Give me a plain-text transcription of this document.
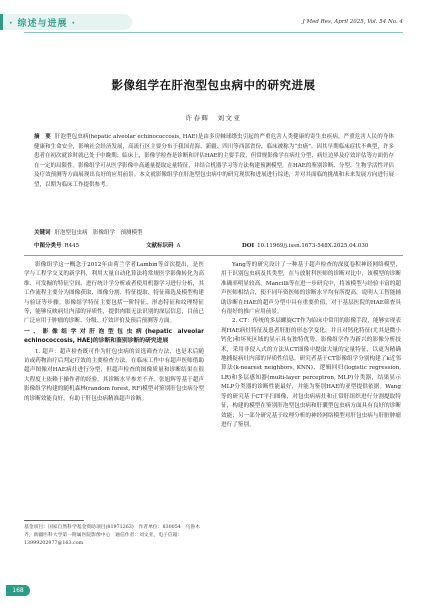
· 综述与进展 ·	J Med Res, April 2025, Vol. 54 No. 4
影像组学在肝泡型包虫病中的研究进展
许春辉　刘文亚
摘　要 肝泡型包虫病(hepatic alveolar echinococcosis, HAE)是由多房棘球绦虫引起的严重危害人类健康的寄生虫疾病，严重危害人民的身体健康和生命安全，影响社会经济发展，高流行区主要分布于我国青海、新疆、四川等西部省份，临床被称为“虫癌”。因其早期临床症状不典型，许多患者在初次就诊时就已处于中晚期；临床上，影像学检查是诊断和评估HAE的主要手段，但常规影像学在病灶分型、病灶边界及疗效评估等方面仍存在一定的局限性。影像组学可从医学影像中高通量提取定量特征，并结合机器学习等方法构建预测模型，在HAE的鉴别诊断、分型、生物学活性评估及疗效预测等方面展现出良好的应用前景。本文就影像组学在肝泡型包虫病中的研究现状和进展进行综述，并对其面临的挑战和未来发展方向进行展望，以期为临床工作提供参考。
关键词 肝泡型包虫病　影像组学　预测模型
中图分类号 R445	文献标识码 A	DOI 10.11969/j.issn.1673-548X.2025.04.030

影像组学这一概念于2012年由荷兰学者Lambin等首次提出，是医学与工程学交叉的新学科，利用大量自动化算法将常规医学影像转化为高维、可发掘的特征空间，进行统计学分析或者使用机器学习进行分析，其工作流程主要分为图像获取、图像分割、特征提取、特征筛选及模型构建与验证等步骤。影像组学特征主要包括一阶特征、形态特征和纹理特征等，能够反映病灶内部的异质性，提供肉眼无法识别的深层信息，目前已广泛应用于肿瘤的诊断、分级、疗效评价及预后预测等方面。

一、影像组学对肝泡型包虫病(hepatic alveolar echinococcosis, HAE)的诊断和鉴别诊断的研究进展

1. 超声：超声检查既可作为肝包虫病的首选筛查方法，也是术后随访或药物治疗后判定疗效的主要检查方法。在临床工作中有超声医师借助超声图像对HAE病灶进行分型，但超声检查的图像质量和诊断结果在很大程度上依赖于操作者的经验，其诊断水平参差不齐。张旭辉等基于超声影像组学构建的随机森林(random forest, RF)模型对鉴别肝包虫病分型的诊断效能良好，有助于肝包虫病精准超声诊断。

Yang等的研究设计了一种基于超声检查的深度卷积神经网络模型，用于识别包虫病及其类型，在与放射科医师的诊断对比中，该模型的诊断准确率明显较高。Mancilli等在进一步研究中，将该模型与经验丰富的超声医师相结合，使不同年资医师的诊断水平均有所提高，说明人工智能辅助诊断在HAE的超声分型中具有重要价值，对于基层医院的HAE筛查具有很好的推广应用前景。

2. CT：传统的多层螺旋CT作为临床中常用的影像手段，能够实现表现HAE病灶特征及患者肝脏的形态学变化，并且对钙化特征(尤其是微小钙化)和坏死区域的显示具有独特优势。影像组学作为新兴的影像分析技术，采用非侵入式的方法从CT图像中提取大量的定量特征，以更为精确地捕捉病灶内部的异质性信息。研究者基于CT影像组学分别构建了k近邻算法(k-nearest neighbors, KNN)、逻辑回归(logistic regression, LR)和多层感知器(multi-layer perceptron, MLP)分类器，结果显示MLP分类器的诊断性能最好，并能为鉴别HAE的亚型提供依据。Wang等的研究基于CT平扫图像，对包虫病病灶和正常肝组织进行分割提取特征，构建的模型在鉴别肝泡型包虫病和肝囊型包虫病方面具有良好的诊断效能；另一部分研究基于纹理分析的神经网络模型对肝包虫病与肝脏肿瘤进行了鉴别。

基金项目：国家自然科学基金资助项目(81971263)　作者单位：830054　乌鲁木齐，新疆医科大学第一附属医院影像中心　通信作者：刘文亚，电子信箱：13999202977@163.com
168
